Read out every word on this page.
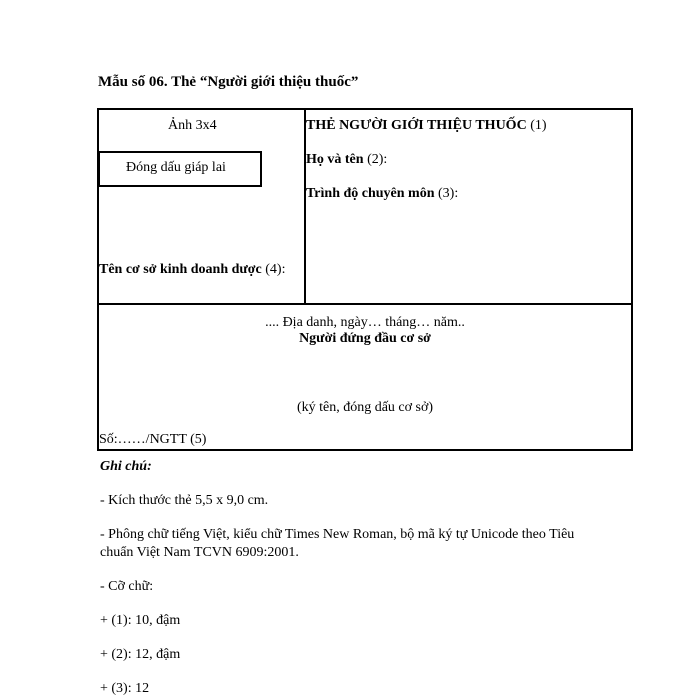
Mẫu số 06. Thẻ “Người giới thiệu thuốc”
Ảnh 3x4
Đóng dấu giáp lai
Tên cơ sở kinh doanh dược (4):
THẺ NGƯỜI GIỚI THIỆU THUỐC (1)
Họ và tên (2):
Trình độ chuyên môn (3):
.... Địa danh, ngày… tháng… năm..
Người đứng đầu cơ sở
(ký tên, đóng dấu cơ sở)
Số:……/NGTT (5)
Ghi chú:
- Kích thước thẻ 5,5 x 9,0 cm.
- Phông chữ tiếng Việt, kiểu chữ Times New Roman, bộ mã ký tự Unicode theo Tiêu
chuẩn Việt Nam TCVN 6909:2001.
- Cỡ chữ:
+ (1): 10, đậm
+ (2): 12, đậm
+ (3): 12
